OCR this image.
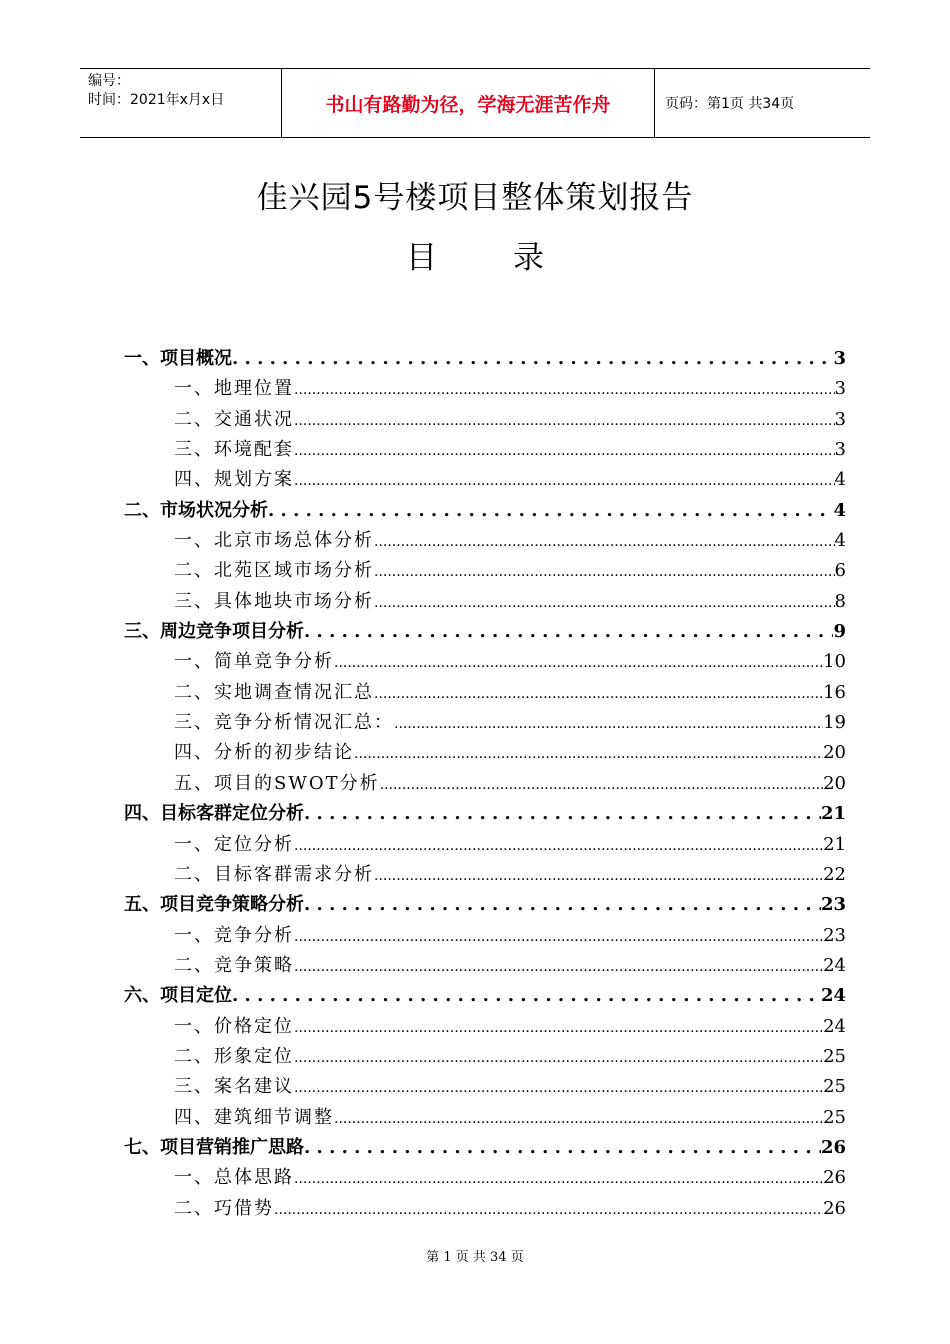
编号：
时间：2021年x月x日	书山有路勤为径，学海无涯苦作舟	页码：第1页 共34页
佳兴园5号楼项目整体策划报告
目录
一、项目概况 . . .	3
一、地理位置 .....	3
二、交通状况 .....	3
三、环境配套 .....	3
四、规划方案 .....	4
二、市场状况分析 . . .	4
一、北京市场总体分析 .....	4
二、北苑区域市场分析 .....	6
三、具体地块市场分析 .....	8
三、周边竞争项目分析 . . .	9
一、简单竞争分析 .....	10
二、实地调查情况汇总 .....	16
三、竞争分析情况汇总： .....	19
四、分析的初步结论 .....	20
五、项目的SWOT分析 .....	20
四、目标客群定位分析 . . .	21
一、定位分析 .....	21
二、目标客群需求分析 .....	22
五、项目竞争策略分析 . . .	23
一、竞争分析 .....	23
二、竞争策略 .....	24
六、项目定位 . . .	24
一、价格定位 .....	24
二、形象定位 .....	25
三、案名建议 .....	25
四、建筑细节调整 .....	25
七、项目营销推广思路 . . .	26
一、总体思路 .....	26
二、巧借势 .....	26
第 1 页 共 34 页
